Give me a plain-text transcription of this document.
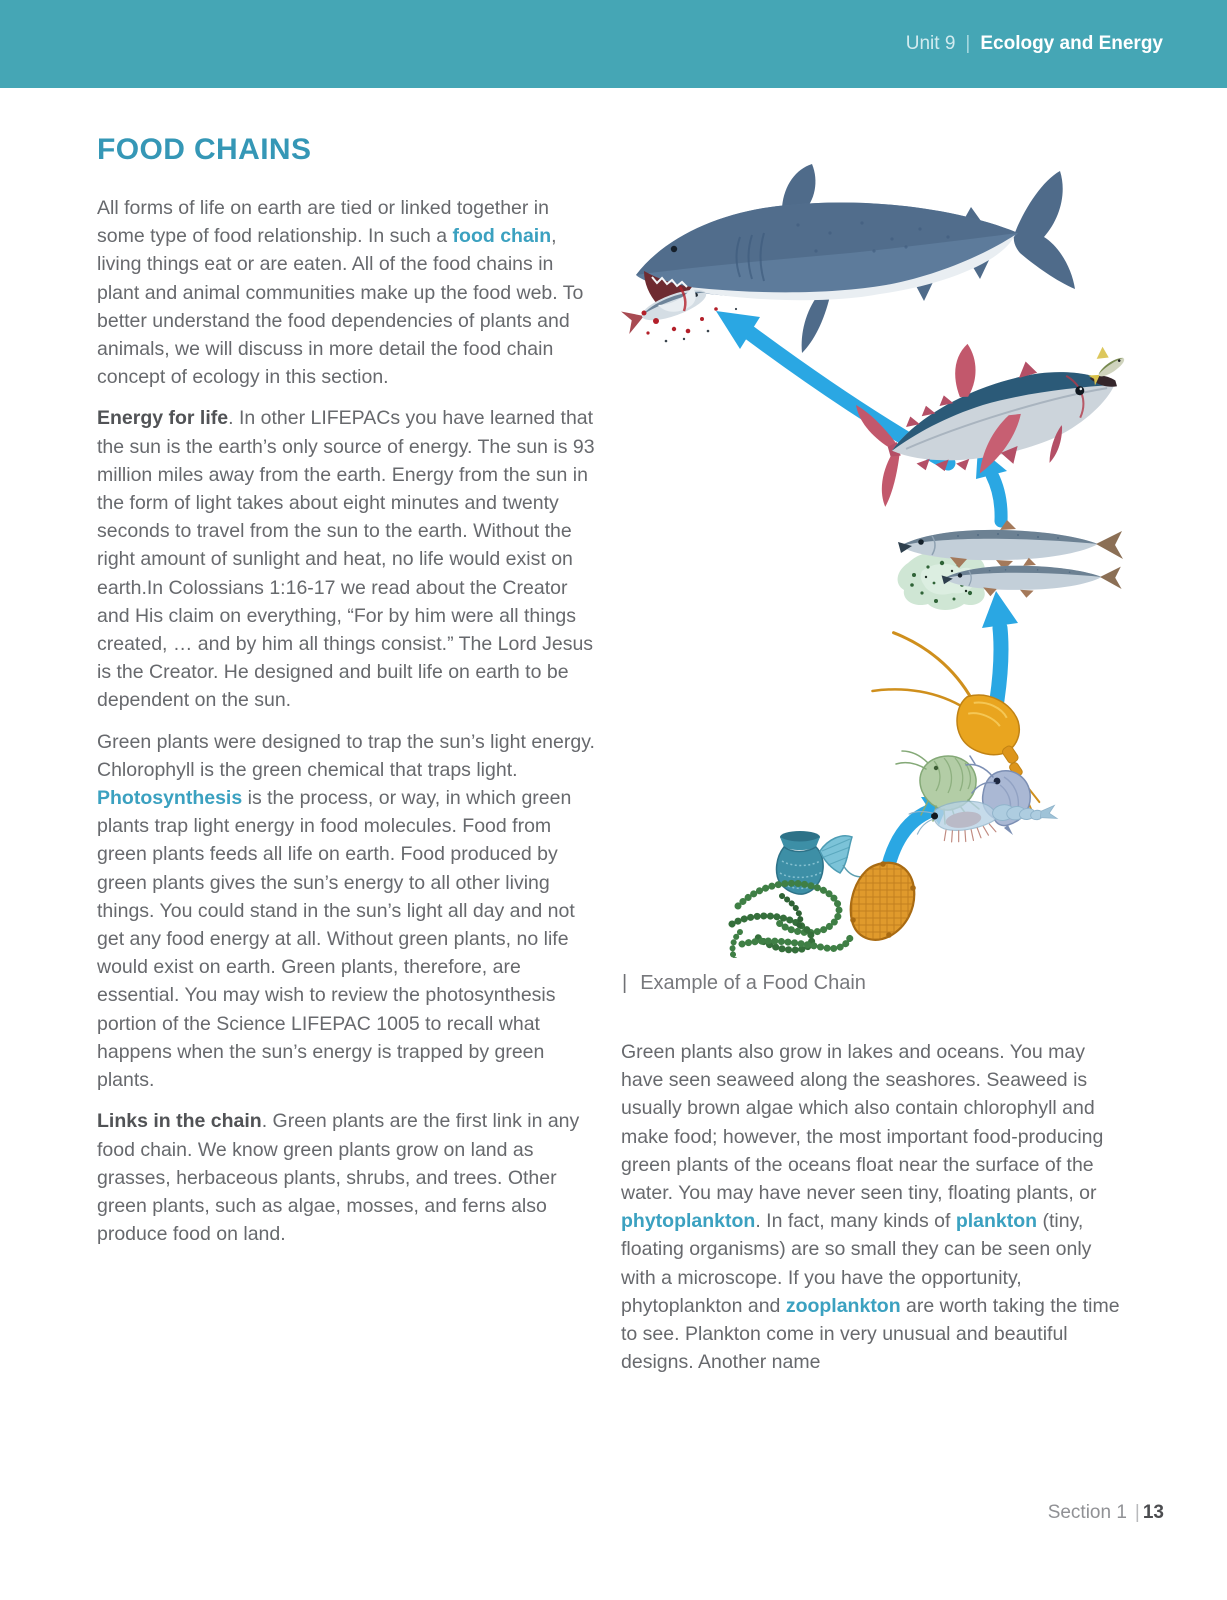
Unit 9 | Ecology and Energy
FOOD CHAINS

All forms of life on earth are tied or linked together in some type of food relationship. In such a food chain, living things eat or are eaten. All of the food chains in plant and animal communities make up the food web. To better understand the food dependencies of plants and animals, we will discuss in more detail the food chain concept of ecology in this section.

Energy for life. In other LIFEPACs you have learned that the sun is the earth’s only source of energy. The sun is 93 million miles away from the earth. Energy from the sun in the form of light takes about eight minutes and twenty seconds to travel from the sun to the earth. Without the right amount of sunlight and heat, no life would exist on earth.In Colossians 1:16-17 we read about the Creator and His claim on everything, “For by him were all things created, … and by him all things consist.” The Lord Jesus is the Creator. He designed and built life on earth to be dependent on the sun.

Green plants were designed to trap the sun’s light energy. Chlorophyll is the green chemical that traps light. Photosynthesis is the process, or way, in which green plants trap light energy in food molecules. Food from green plants feeds all life on earth. Food produced by green plants gives the sun’s energy to all other living things. You could stand in the sun’s light all day and not get any food energy at all. Without green plants, no life would exist on earth. Green plants, therefore, are essential. You may wish to review the photosynthesis portion of the Science LIFEPAC 1005 to recall what happens when the sun’s energy is trapped by green plants.

Links in the chain. Green plants are the first link in any food chain. We know green plants grow on land as grasses, herbaceous plants, shrubs, and trees. Other green plants, such as algae, mosses, and ferns also produce food on land.

| Example of a Food Chain

Green plants also grow in lakes and oceans. You may have seen seaweed along the seashores. Seaweed is usually brown algae which also contain chlorophyll and make food; however, the most important food-producing green plants of the oceans float near the surface of the water. You may have never seen tiny, floating plants, or phytoplankton. In fact, many kinds of plankton (tiny, floating organisms) are so small they can be seen only with a microscope. If you have the opportunity, phytoplankton and zooplankton are worth taking the time to see. Plankton come in very unusual and beautiful designs. Another name

Section 1 | 13
